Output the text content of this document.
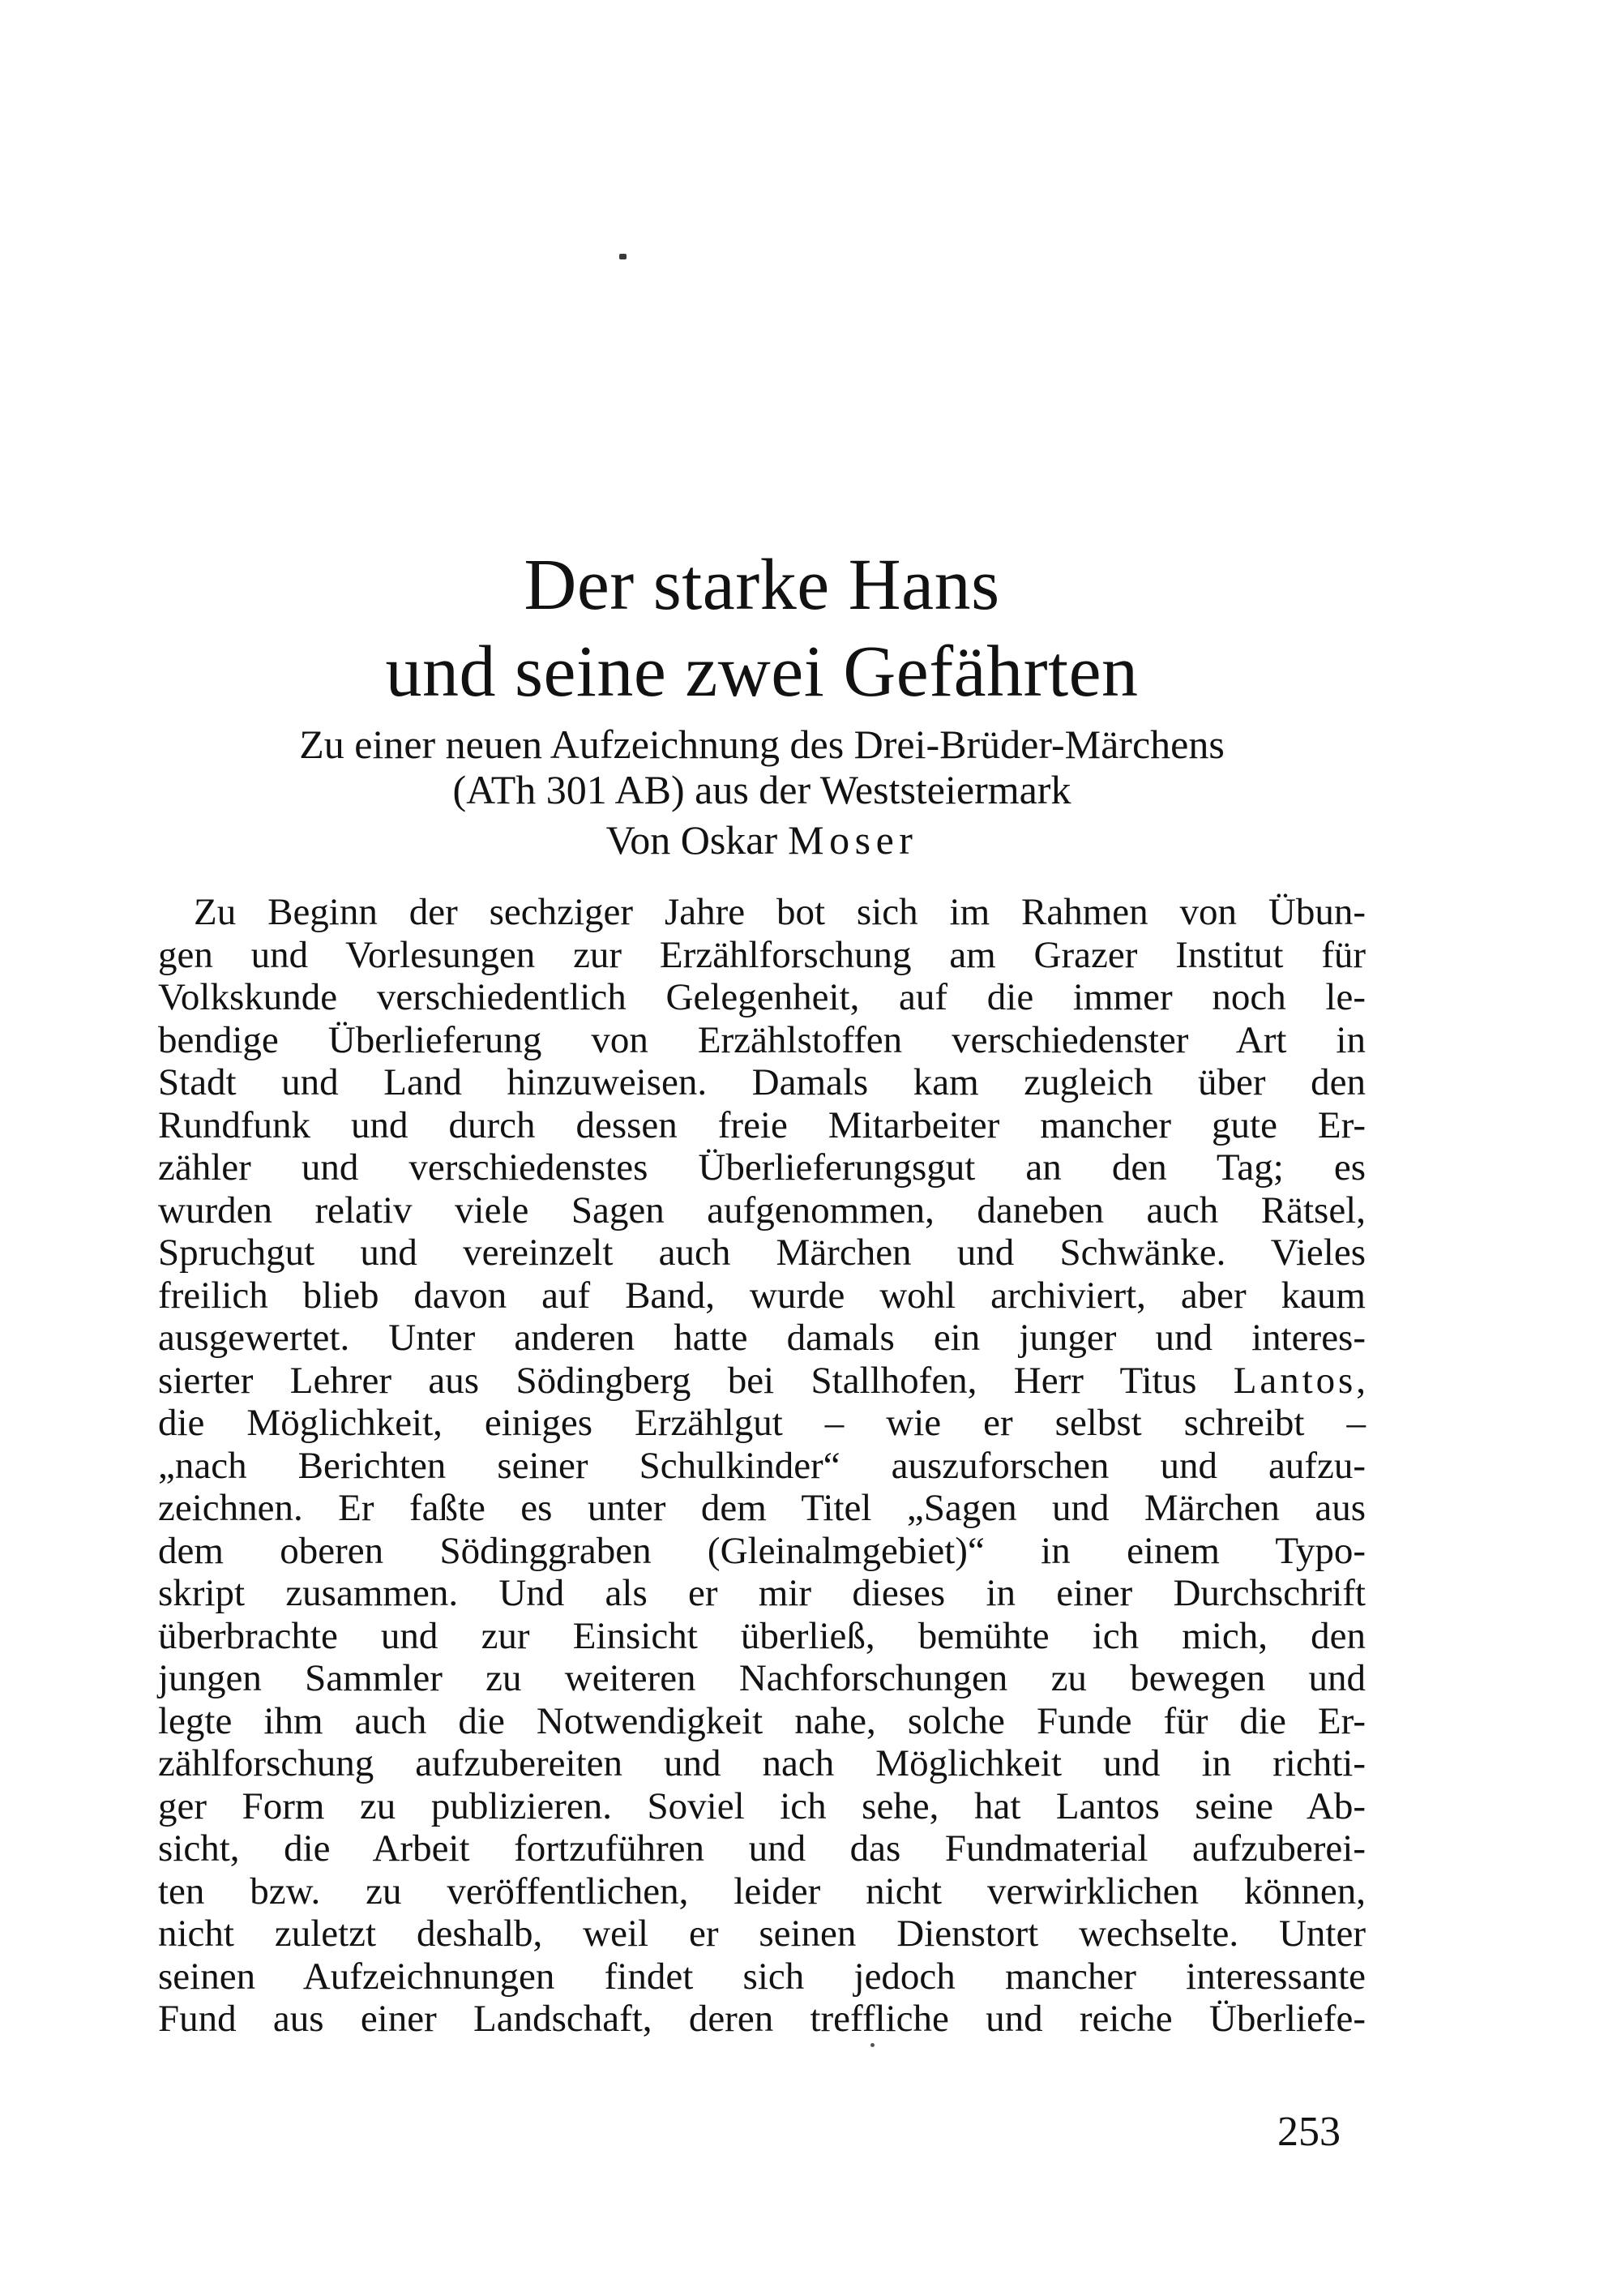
Der starke Hans
und seine zwei Gefährten
Zu einer neuen Aufzeichnung des Drei-Brüder-Märchens
(ATh 301 AB) aus der Weststeiermark
Von Oskar Moser
Zu Beginn der sechziger Jahre bot sich im Rahmen von Übun-
gen und Vorlesungen zur Erzählforschung am Grazer Institut für
Volkskunde verschiedentlich Gelegenheit, auf die immer noch le-
bendige Überlieferung von Erzählstoffen verschiedenster Art in
Stadt und Land hinzuweisen. Damals kam zugleich über den
Rundfunk und durch dessen freie Mitarbeiter mancher gute Er-
zähler und verschiedenstes Überlieferungsgut an den Tag; es
wurden relativ viele Sagen aufgenommen, daneben auch Rätsel,
Spruchgut und vereinzelt auch Märchen und Schwänke. Vieles
freilich blieb davon auf Band, wurde wohl archiviert, aber kaum
ausgewertet. Unter anderen hatte damals ein junger und interes-
sierter Lehrer aus Södingberg bei Stallhofen, Herr Titus L a n t o s ,
die Möglichkeit, einiges Erzählgut – wie er selbst schreibt –
„nach Berichten seiner Schulkinder“ auszuforschen und aufzu-
zeichnen. Er faßte es unter dem Titel „Sagen und Märchen aus
dem oberen Södinggraben (Gleinalmgebiet)“ in einem Typo-
skript zusammen. Und als er mir dieses in einer Durchschrift
überbrachte und zur Einsicht überließ, bemühte ich mich, den
jungen Sammler zu weiteren Nachforschungen zu bewegen und
legte ihm auch die Notwendigkeit nahe, solche Funde für die Er-
zählforschung aufzubereiten und nach Möglichkeit und in richti-
ger Form zu publizieren. Soviel ich sehe, hat Lantos seine Ab-
sicht, die Arbeit fortzuführen und das Fundmaterial aufzuberei-
ten bzw. zu veröffentlichen, leider nicht verwirklichen können,
nicht zuletzt deshalb, weil er seinen Dienstort wechselte. Unter
seinen Aufzeichnungen findet sich jedoch mancher interessante
Fund aus einer Landschaft, deren treffliche und reiche Überliefe-
253
